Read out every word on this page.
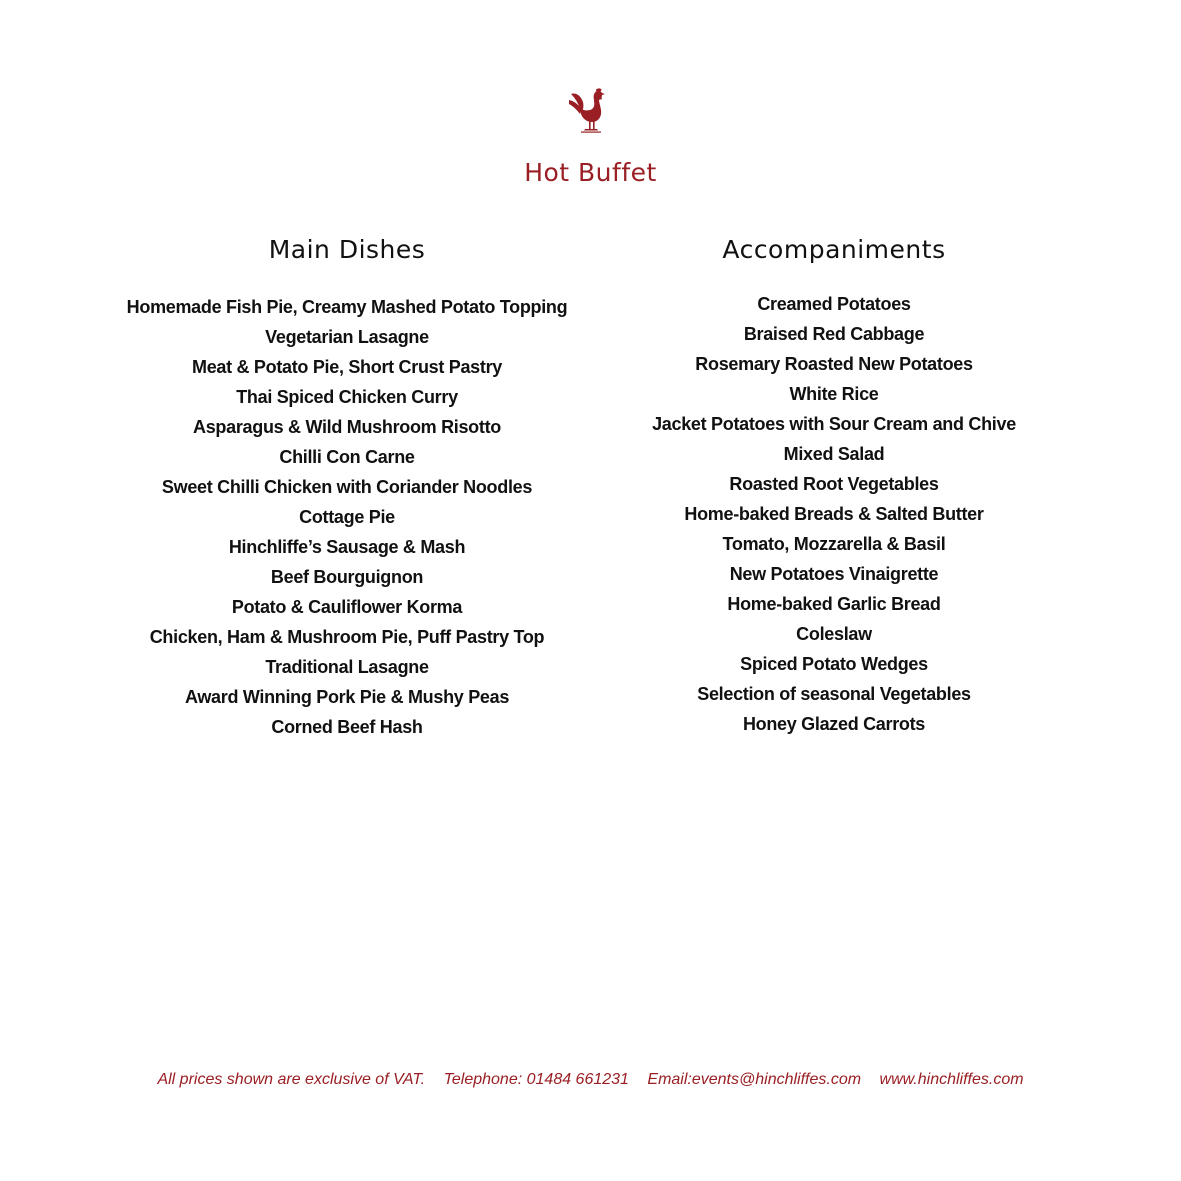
Hot Buffet
Main Dishes
Homemade Fish Pie, Creamy Mashed Potato Topping
Vegetarian Lasagne
Meat & Potato Pie, Short Crust Pastry
Thai Spiced Chicken Curry
Asparagus & Wild Mushroom Risotto
Chilli Con Carne
Sweet Chilli Chicken with Coriander Noodles
Cottage Pie
Hinchliffe’s Sausage & Mash
Beef Bourguignon
Potato & Cauliflower Korma
Chicken, Ham & Mushroom Pie, Puff Pastry Top
Traditional Lasagne
Award Winning Pork Pie & Mushy Peas
Corned Beef Hash
Accompaniments
Creamed Potatoes
Braised Red Cabbage
Rosemary Roasted New Potatoes
White Rice
Jacket Potatoes with Sour Cream and Chive
Mixed Salad
Roasted Root Vegetables
Home-baked Breads & Salted Butter
Tomato, Mozzarella & Basil
New Potatoes Vinaigrette
Home-baked Garlic Bread
Coleslaw
Spiced Potato Wedges
Selection of seasonal Vegetables
Honey Glazed Carrots
All prices shown are exclusive of VAT. Telephone: 01484 661231 Email:events@hinchliffes.com www.hinchliffes.com
